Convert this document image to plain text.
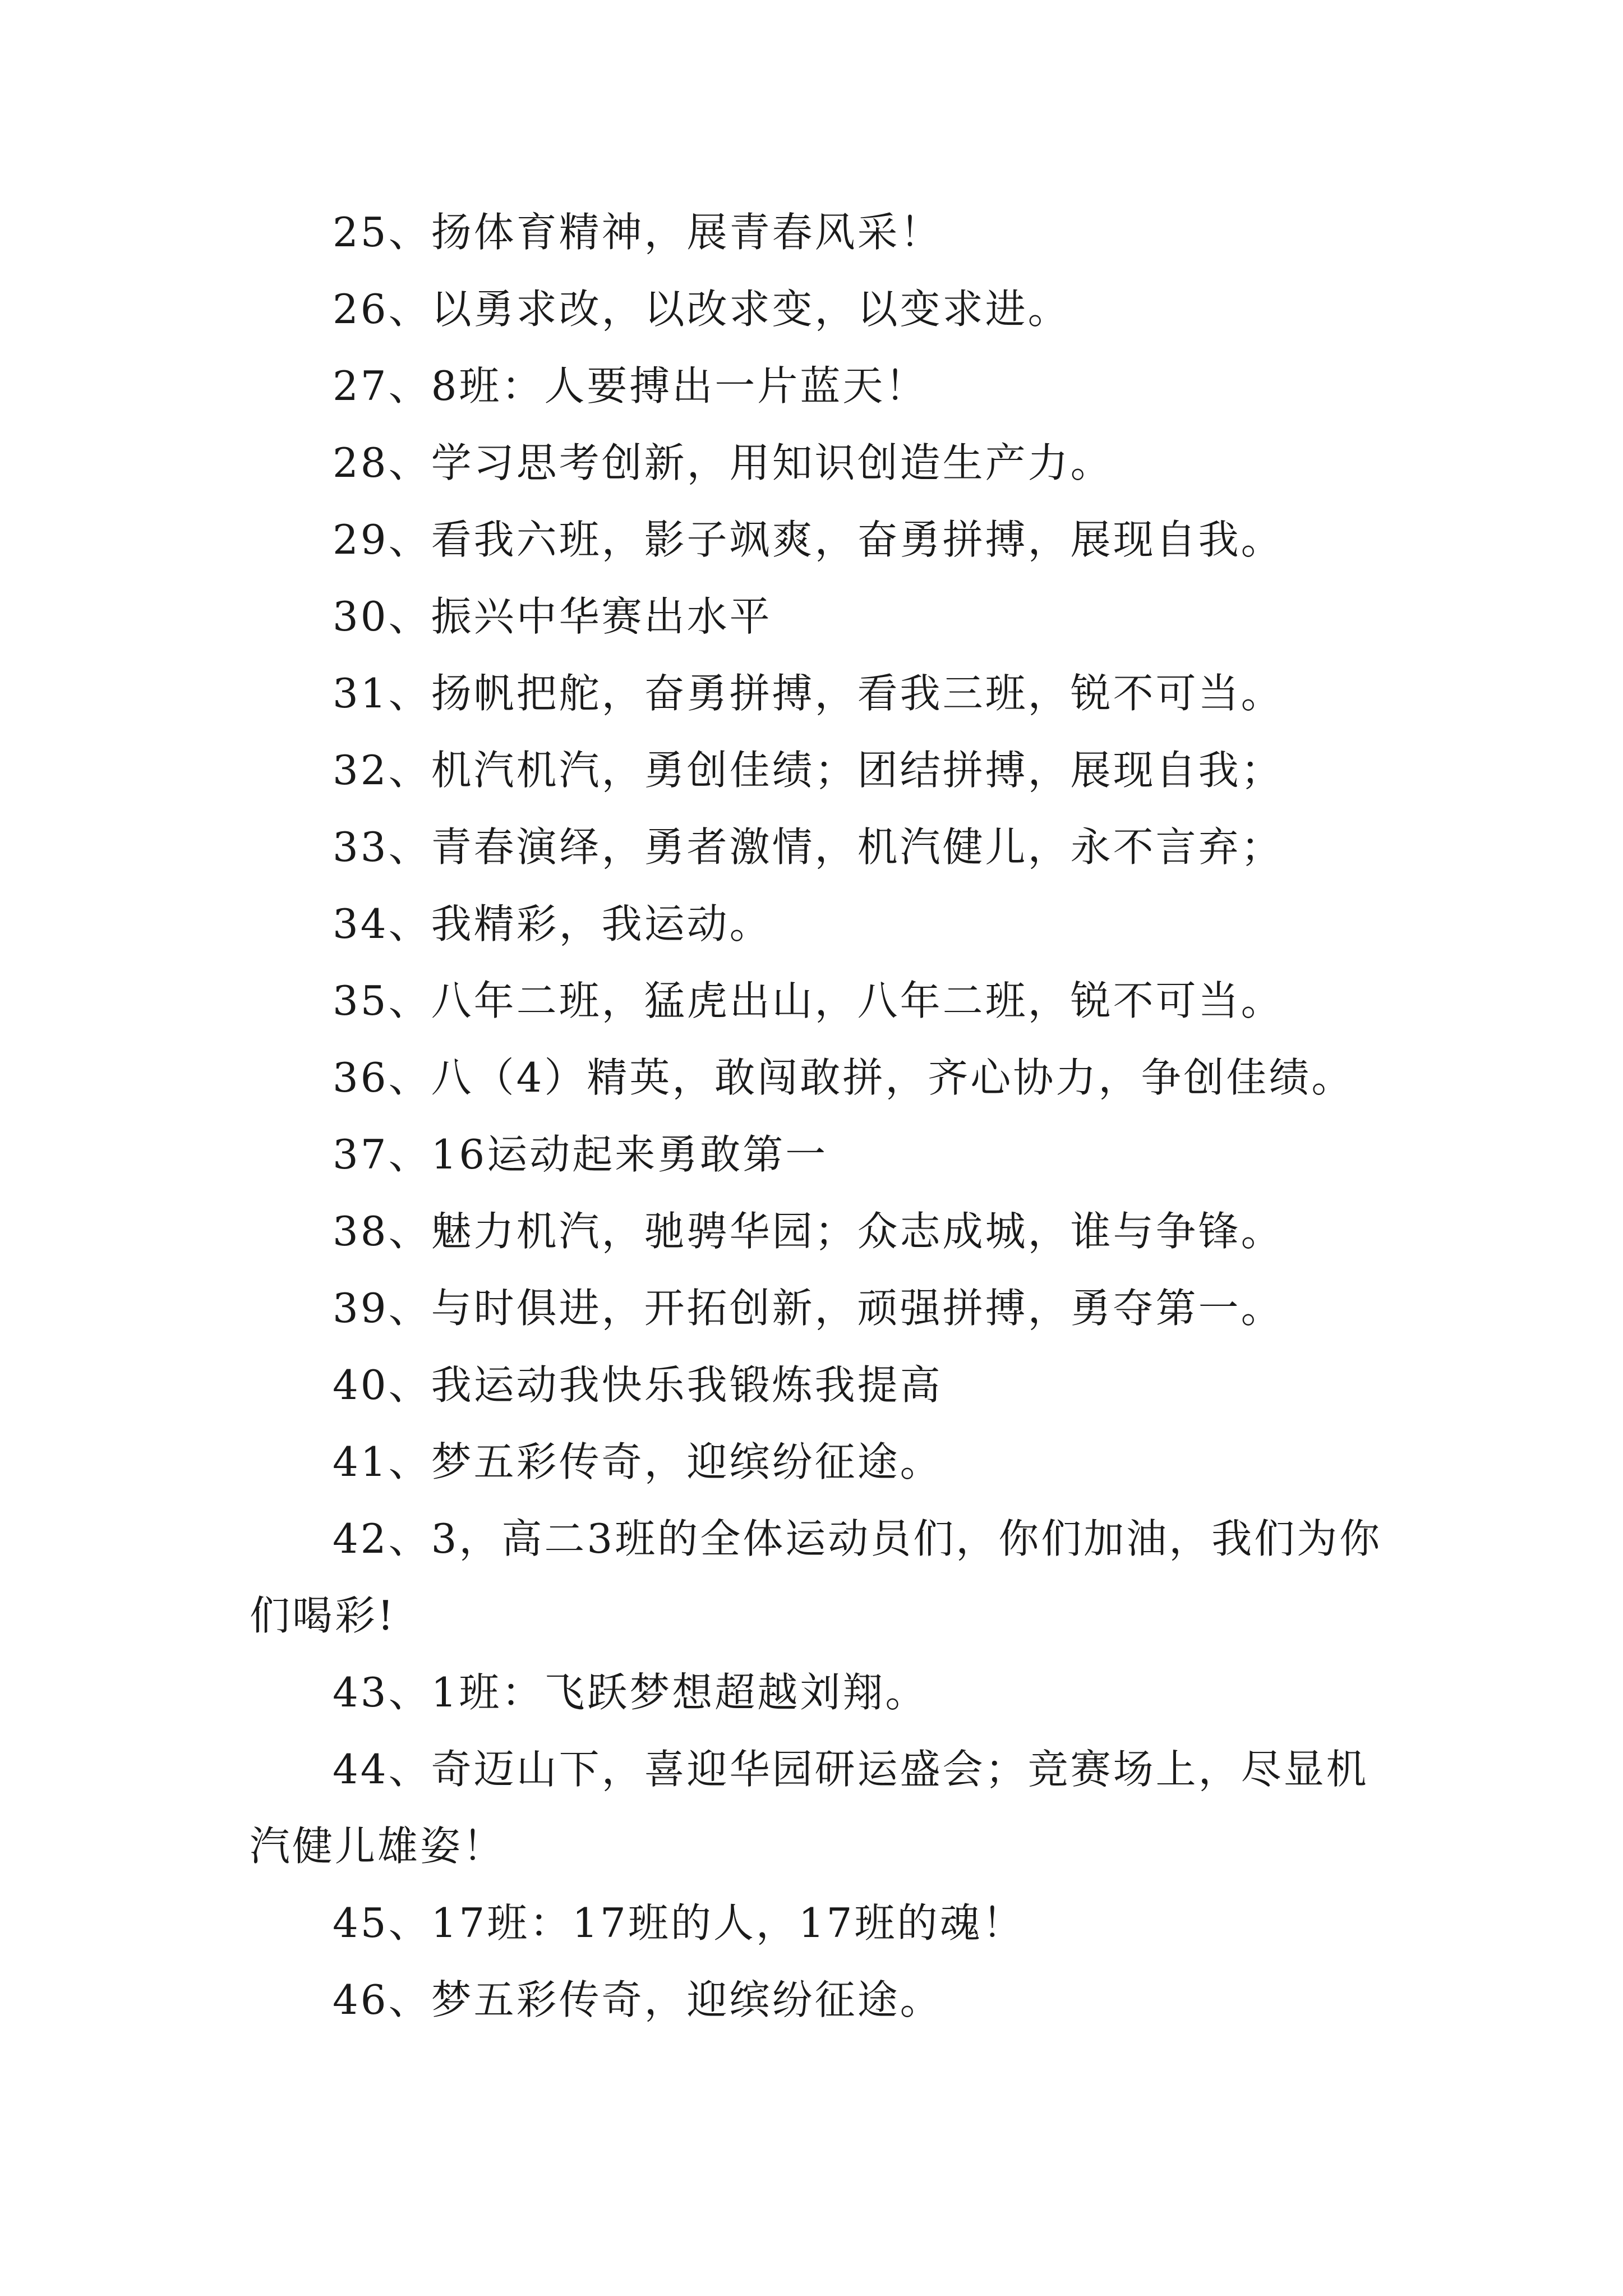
25、扬体育精神，展青春风采！

26、以勇求改，以改求变，以变求进。

27、8班：人要搏出一片蓝天！

28、学习思考创新，用知识创造生产力。

29、看我六班，影子飒爽，奋勇拼搏，展现自我。

30、振兴中华赛出水平

31、扬帆把舵，奋勇拼搏，看我三班，锐不可当。

32、机汽机汽，勇创佳绩；团结拼搏，展现自我；

33、青春演绎，勇者激情，机汽健儿，永不言弃；

34、我精彩，我运动。

35、八年二班，猛虎出山，八年二班，锐不可当。

36、八（4）精英，敢闯敢拼，齐心协力，争创佳绩。

37、16运动起来勇敢第一

38、魅力机汽，驰骋华园；众志成城，谁与争锋。

39、与时俱进，开拓创新，顽强拼搏，勇夺第一。

40、我运动我快乐我锻炼我提高

41、梦五彩传奇，迎缤纷征途。

42、3，高二3班的全体运动员们，你们加油，我们为你们喝彩!

43、1班：飞跃梦想超越刘翔。

44、奇迈山下，喜迎华园研运盛会；竞赛场上，尽显机汽健儿雄姿！

45、17班：17班的人，17班的魂！

46、梦五彩传奇，迎缤纷征途。
